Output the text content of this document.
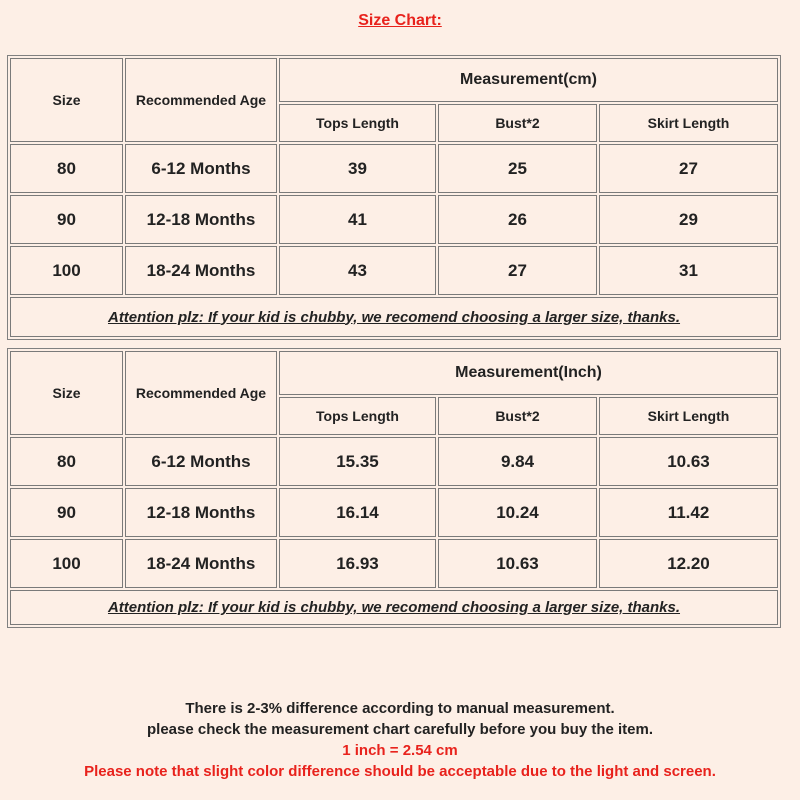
Size Chart:
Size	Recommended Age	Measurement(cm)		
		Tops Length	Bust*2	Skirt Length
80	6-12 Months	39	25	27
90	12-18 Months	41	26	29
100	18-24 Months	43	27	31
Attention plz: If your kid is chubby, we recomend choosing a larger size, thanks.				
Size	Recommended Age	Measurement(Inch)		
		Tops Length	Bust*2	Skirt Length
80	6-12 Months	15.35	9.84	10.63
90	12-18 Months	16.14	10.24	11.42
100	18-24 Months	16.93	10.63	12.20
Attention plz: If your kid is chubby, we recomend choosing a larger size, thanks.				
There is 2-3% difference according to manual measurement.
please check the measurement chart carefully before you buy the item.
1 inch = 2.54 cm
Please note that slight color difference should be acceptable due to the light and screen.
